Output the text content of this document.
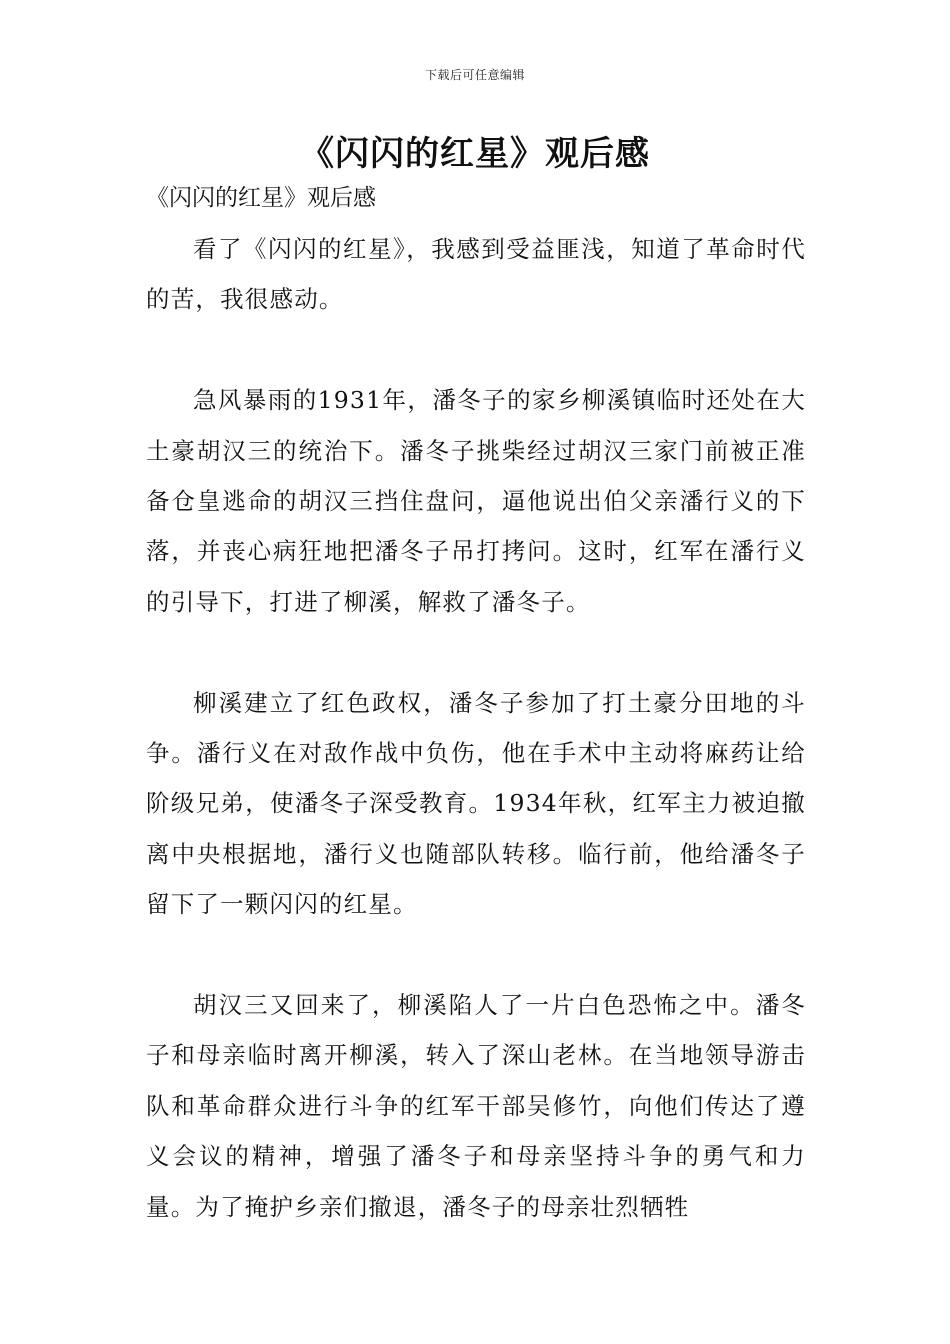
下载后可任意编辑
《闪闪的红星》观后感
《闪闪的红星》观后感

看了《闪闪的红星》，我感到受益匪浅，知道了革命时代的苦，我很感动。

急风暴雨的1931年，潘冬子的家乡柳溪镇临时还处在大土豪胡汉三的统治下。潘冬子挑柴经过胡汉三家门前被正准备仓皇逃命的胡汉三挡住盘问，逼他说出伯父亲潘行义的下落，并丧心病狂地把潘冬子吊打拷问。这时，红军在潘行义的引导下，打进了柳溪，解救了潘冬子。

柳溪建立了红色政权，潘冬子参加了打土豪分田地的斗争。潘行义在对敌作战中负伤，他在手术中主动将麻药让给阶级兄弟，使潘冬子深受教育。1934年秋，红军主力被迫撤离中央根据地，潘行义也随部队转移。临行前，他给潘冬子留下了一颗闪闪的红星。

胡汉三又回来了，柳溪陷人了一片白色恐怖之中。潘冬子和母亲临时离开柳溪，转入了深山老林。在当地领导游击队和革命群众进行斗争的红军干部吴修竹，向他们传达了遵义会议的精神，增强了潘冬子和母亲坚持斗争的勇气和力量。为了掩护乡亲们撤退，潘冬子的母亲壮烈牺牲
